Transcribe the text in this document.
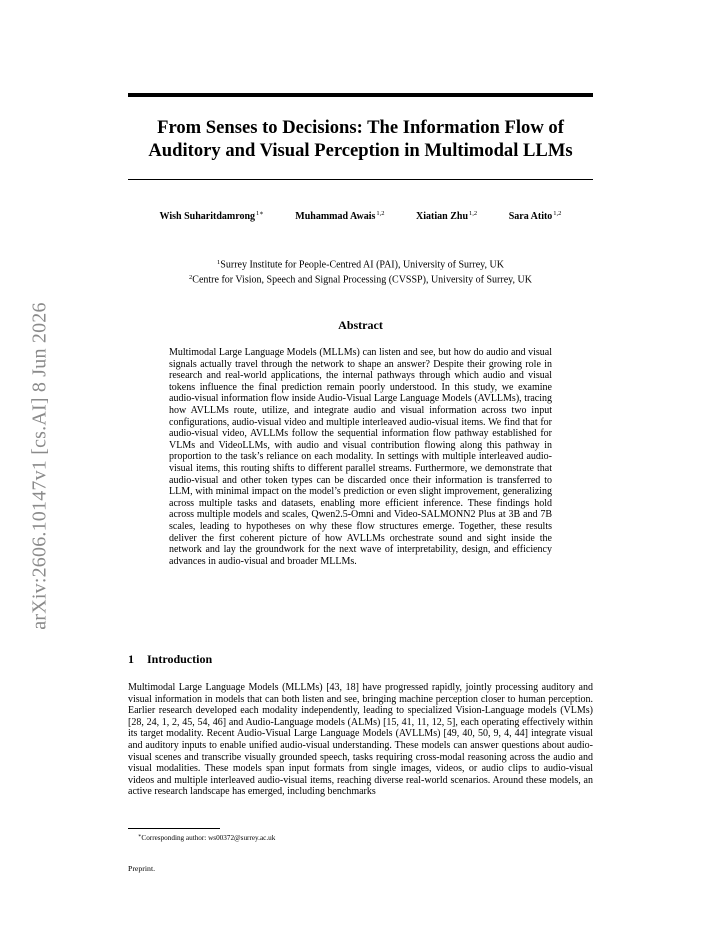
arXiv:2606.10147v1 [cs.AI] 8 Jun 2026
From Senses to Decisions: The Information Flow of
Auditory and Visual Perception in Multimodal LLMs
Wish Suharitdamrong$^{1∗}$	Muhammad Awais$^{1,2}$	Xiatian Zhu$^{1,2}$	Sara Atito$^{1,2}$
$^1$Surrey Institute for People-Centred AI (PAI), University of Surrey, UK
$^2$Centre for Vision, Speech and Signal Processing (CVSSP), University of Surrey, UK
Abstract

Multimodal Large Language Models (MLLMs) can listen and see, but how do audio and visual signals actually travel through the network to shape an answer? Despite their growing role in research and real-world applications, the internal pathways through which audio and visual tokens influence the final prediction remain poorly understood. In this study, we examine audio-visual information flow inside Audio-Visual Large Language Models (AVLLMs), tracing how AVLLMs route, utilize, and integrate audio and visual information across two input configurations, audio-visual video and multiple interleaved audio-visual items. We find that for audio-visual video, AVLLMs follow the sequential information flow pathway established for VLMs and VideoLLMs, with audio and visual contribution flowing along this pathway in proportion to the task’s reliance on each modality. In settings with multiple interleaved audio-visual items, this routing shifts to different parallel streams. Furthermore, we demonstrate that audio-visual and other token types can be discarded once their information is transferred to LLM, with minimal impact on the model’s prediction or even slight improvement, generalizing across multiple tasks and datasets, enabling more efficient inference. These findings hold across multiple models and scales, Qwen2.5-Omni and Video-SALMONN2 Plus at 3B and 7B scales, leading to hypotheses on why these flow structures emerge. Together, these results deliver the first coherent picture of how AVLLMs orchestrate sound and sight inside the network and lay the groundwork for the next wave of interpretability, design, and efficiency advances in audio-visual and broader MLLMs.

1 Introduction

Multimodal Large Language Models (MLLMs) [43, 18] have progressed rapidly, jointly processing auditory and visual information in models that can both listen and see, bringing machine perception closer to human perception. Earlier research developed each modality independently, leading to specialized Vision-Language models (VLMs) [28, 24, 1, 2, 45, 54, 46] and Audio-Language models (ALMs) [15, 41, 11, 12, 5], each operating effectively within its target modality. Recent Audio-Visual Large Language Models (AVLLMs) [49, 40, 50, 9, 4, 44] integrate visual and auditory inputs to enable unified audio-visual understanding. These models can answer questions about audio-visual scenes and transcribe visually grounded speech, tasks requiring cross-modal reasoning across the audio and visual modalities. These models span input formats from single images, videos, or audio clips to audio-visual videos and multiple interleaved audio-visual items, reaching diverse real-world scenarios. Around these models, an active research landscape has emerged, including benchmarks

∗Corresponding author: ws00372@surrey.ac.uk

Preprint.
